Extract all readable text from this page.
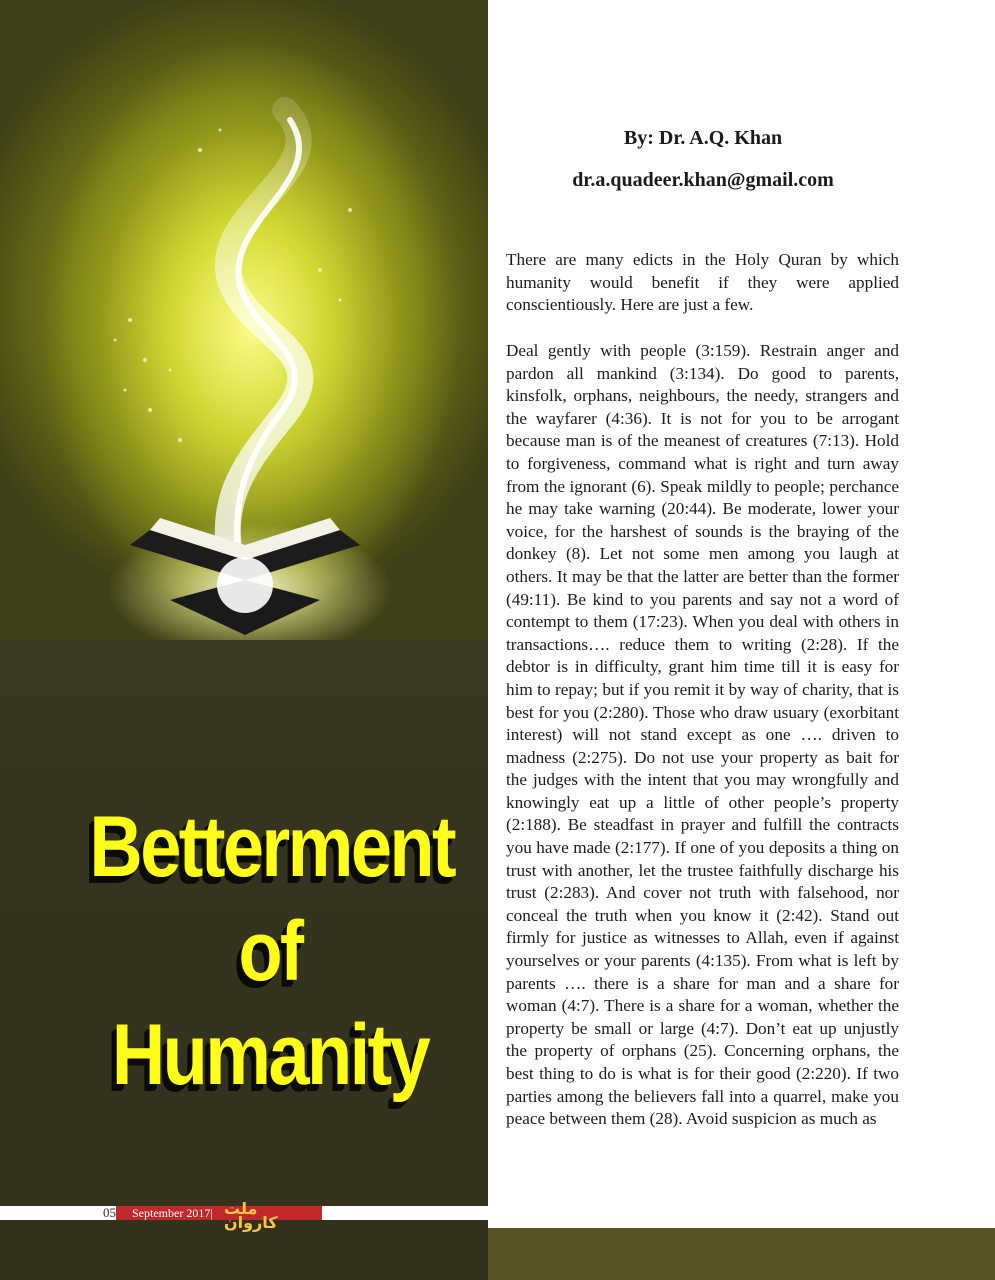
Betterment
of
Humanity
05 September 2017| ملت کاروان
By: Dr. A.Q. Khan
dr.a.quadeer.khan@gmail.com

There are many edicts in the Holy Quran by which humanity would benefit if they were applied conscientiously. Here are just a few.

Deal gently with people (3:159). Restrain anger and pardon all mankind (3:134). Do good to parents, kinsfolk, orphans, neighbours, the needy, strangers and the wayfarer (4:36). It is not for you to be arrogant because man is of the meanest of creatures (7:13). Hold to forgiveness, command what is right and turn away from the ignorant (6). Speak mildly to people; perchance he may take warning (20:44). Be moderate, lower your voice, for the harshest of sounds is the braying of the donkey (8). Let not some men among you laugh at others. It may be that the latter are better than the former (49:11). Be kind to you parents and say not a word of contempt to them (17:23). When you deal with others in transactions…. reduce them to writing (2:28). If the debtor is in difficulty, grant him time till it is easy for him to repay; but if you remit it by way of charity, that is best for you (2:280). Those who draw usuary (exorbitant interest) will not stand except as one …. driven to madness (2:275). Do not use your property as bait for the judges with the intent that you may wrongfully and knowingly eat up a little of other people’s property (2:188). Be steadfast in prayer and fulfill the contracts you have made (2:177). If one of you deposits a thing on trust with another, let the trustee faithfully discharge his trust (2:283). And cover not truth with falsehood, nor conceal the truth when you know it (2:42). Stand out firmly for justice as witnesses to Allah, even if against yourselves or your parents (4:135). From what is left by parents …. there is a share for man and a share for woman (4:7). There is a share for a woman, whether the property be small or large (4:7). Don’t eat up unjustly the property of orphans (25). Concerning orphans, the best thing to do is what is for their good (2:220). If two parties among the believers fall into a quarrel, make you peace between them (28). Avoid suspicion as much as
